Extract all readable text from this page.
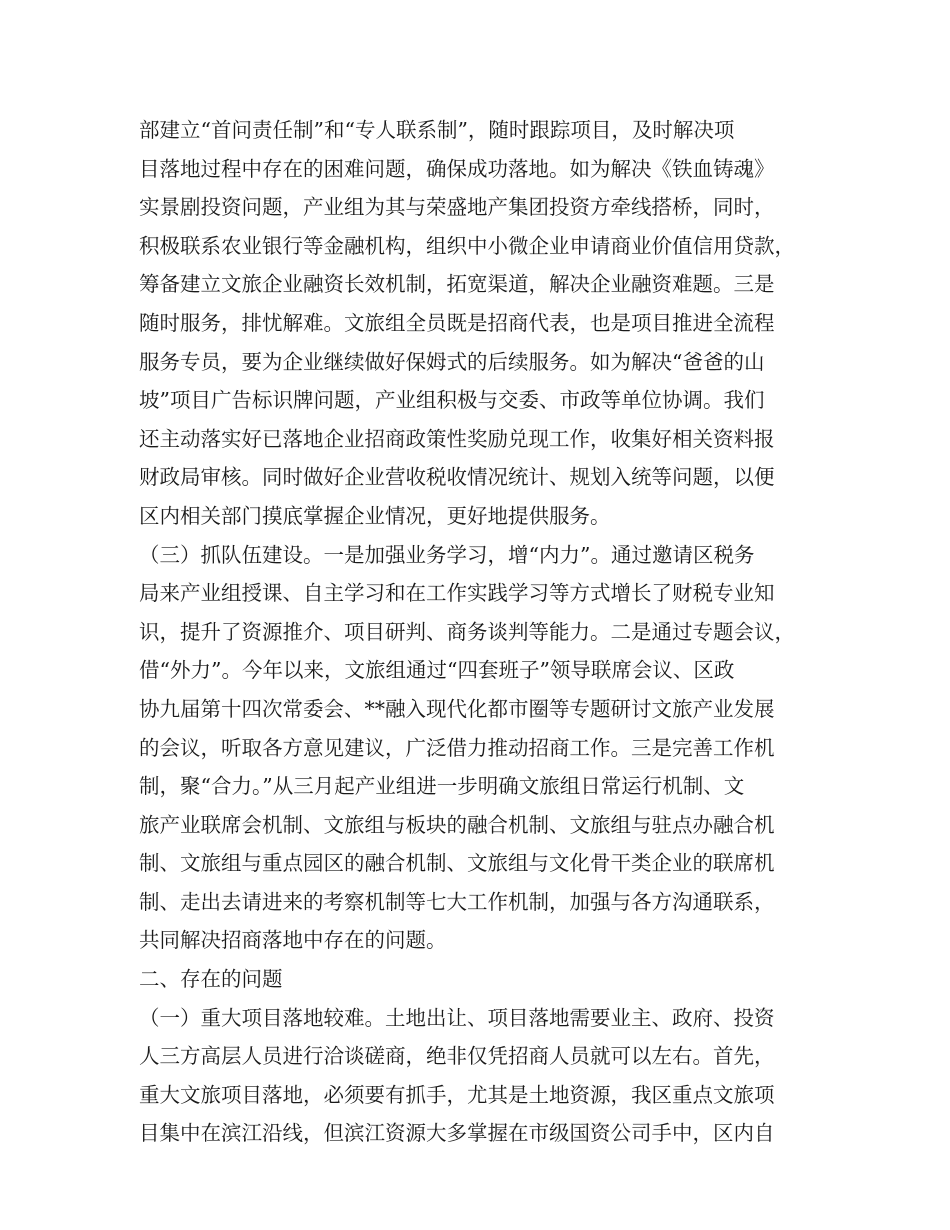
部建立“首问责任制”和“专人联系制”，随时跟踪项目，及时解决项
目落地过程中存在的困难问题，确保成功落地。如为解决《铁血铸魂》
实景剧投资问题，产业组为其与荣盛地产集团投资方牵线搭桥，同时，
积极联系农业银行等金融机构，组织中小微企业申请商业价值信用贷款，
筹备建立文旅企业融资长效机制，拓宽渠道，解决企业融资难题。三是
随时服务，排忧解难。文旅组全员既是招商代表，也是项目推进全流程
服务专员，要为企业继续做好保姆式的后续服务。如为解决“爸爸的山
坡”项目广告标识牌问题，产业组积极与交委、市政等单位协调。我们
还主动落实好已落地企业招商政策性奖励兑现工作，收集好相关资料报
财政局审核。同时做好企业营收税收情况统计、规划入统等问题，以便
区内相关部门摸底掌握企业情况，更好地提供服务。
（三）抓队伍建设。一是加强业务学习，增“内力”。通过邀请区税务
局来产业组授课、自主学习和在工作实践学习等方式增长了财税专业知
识，提升了资源推介、项目研判、商务谈判等能力。二是通过专题会议，
借“外力”。今年以来，文旅组通过“四套班子”领导联席会议、区政
协九届第十四次常委会、**融入现代化都市圈等专题研讨文旅产业发展
的会议，听取各方意见建议，广泛借力推动招商工作。三是完善工作机
制，聚“合力。”从三月起产业组进一步明确文旅组日常运行机制、文
旅产业联席会机制、文旅组与板块的融合机制、文旅组与驻点办融合机
制、文旅组与重点园区的融合机制、文旅组与文化骨干类企业的联席机
制、走出去请进来的考察机制等七大工作机制，加强与各方沟通联系，
共同解决招商落地中存在的问题。
二、存在的问题
（一）重大项目落地较难。土地出让、项目落地需要业主、政府、投资
人三方高层人员进行洽谈磋商，绝非仅凭招商人员就可以左右。首先，
重大文旅项目落地，必须要有抓手，尤其是土地资源，我区重点文旅项
目集中在滨江沿线，但滨江资源大多掌握在市级国资公司手中，区内自
